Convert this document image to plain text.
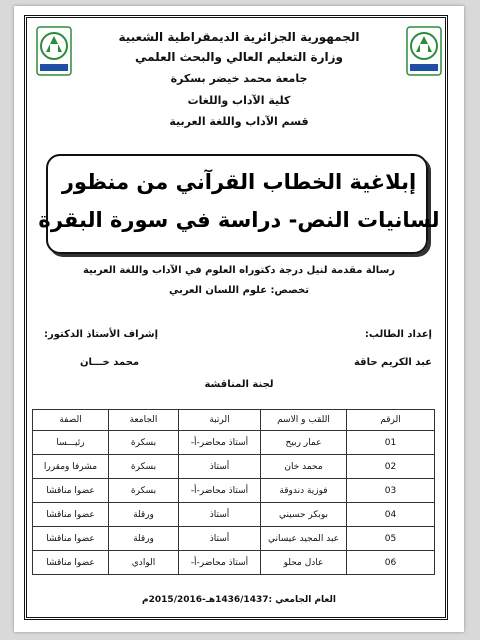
الجمهورية الجزائرية الديمقراطية الشعبية
وزارة التعليم العالي والبحث العلمي
جامعة محمد خيضر بسكرة
كلية الآداب واللغات
قسم الآداب واللغة العربية
إبلاغية الخطاب القرآني من منظور
لسانيات النص- دراسة في سورة البقرة
رسالة مقدمة لنيل درجة دكتوراه العلوم في الآداب واللغة العربية
تخصص: علوم اللسان العربي
إعداد الطالب:
عبد الكريم حاقة
إشراف الأستاذ الدكتور:
محمد خـــان
لجنة المناقشة
الرقم	اللقب و الاسم	الرتبة	الجامعة	الصفة
01	عمار ربيح	أستاذ محاضر-أ-	بسكرة	رئيـــسا
02	محمد خان	أستاذ	بسكرة	مشرفا ومقررا
03	فوزية دندوقة	أستاذ محاضر-أ-	بسكرة	عضوا مناقشا
04	بوبكر حسيني	أستاذ	ورقلة	عضوا مناقشا
05	عبد المجيد عيساني	أستاذ	ورقلة	عضوا مناقشا
06	عادل محلو	أستاذ محاضر-أ-	الوادي	عضوا مناقشا
العام الجامعي :1436/1437هـ-2015/2016م
